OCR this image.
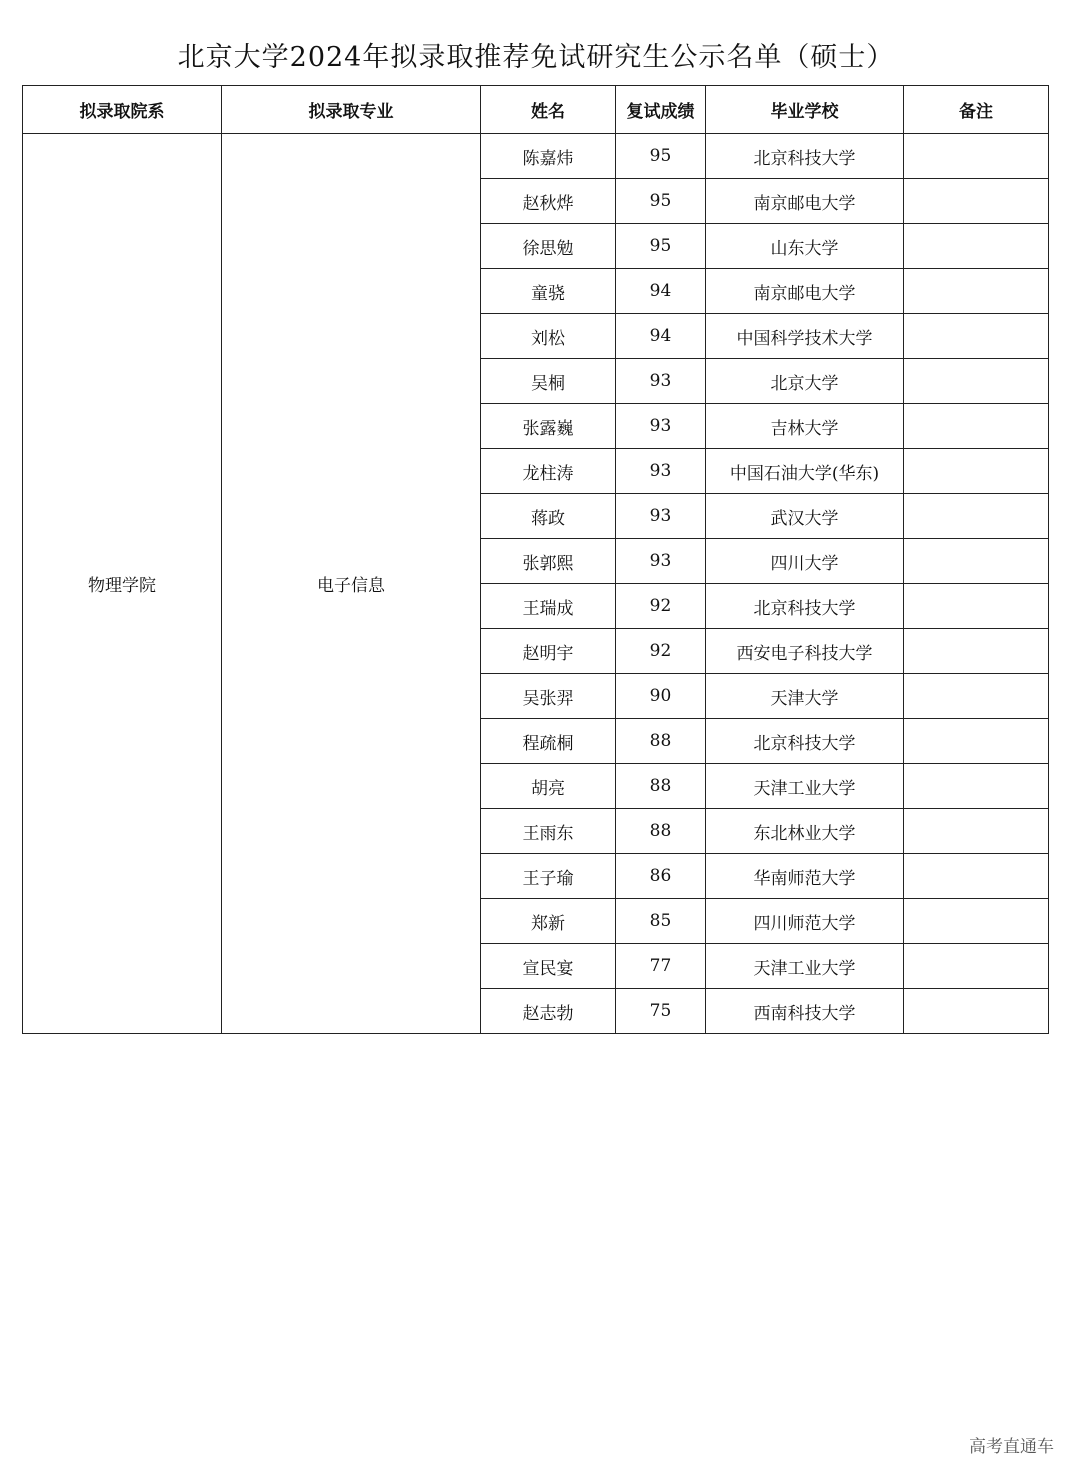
北京大学2024年拟录取推荐免试研究生公示名单（硕士）
拟录取院系	拟录取专业	姓名	复试成绩	毕业学校	备注
物理学院	电子信息	陈嘉炜	95	北京科技大学	
		赵秋烨	95	南京邮电大学	
		徐思勉	95	山东大学	
		童骁	94	南京邮电大学	
		刘松	94	中国科学技术大学	
		吴桐	93	北京大学	
		张露巍	93	吉林大学	
		龙柱涛	93	中国石油大学(华东)	
		蒋政	93	武汉大学	
		张郭熙	93	四川大学	
		王瑞成	92	北京科技大学	
		赵明宇	92	西安电子科技大学	
		吴张羿	90	天津大学	
		程疏桐	88	北京科技大学	
		胡亮	88	天津工业大学	
		王雨东	88	东北林业大学	
		王子瑜	86	华南师范大学	
		郑新	85	四川师范大学	
		宣民宴	77	天津工业大学	
		赵志勃	75	西南科技大学	
高考直通车
